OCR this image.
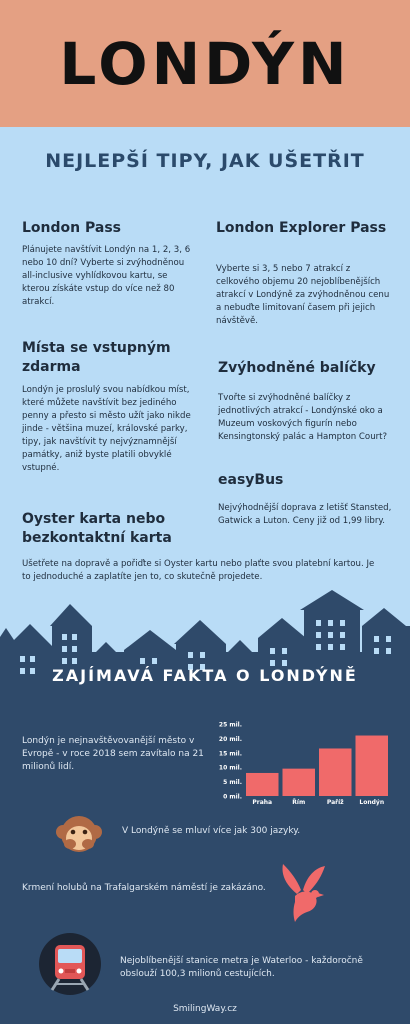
LONDÝN
NEJLEPŠÍ TIPY, JAK UŠETŘIT
London Pass
Plánujete navštívit Londýn na 1, 2, 3, 6 nebo 10 dní? Vyberte si zvýhodněnou all-inclusive vyhlídkovou kartu, se kterou získáte vstup do více než 80 atrakcí.
London Explorer Pass
Vyberte si 3, 5 nebo 7 atrakcí z celkového objemu 20 nejoblíbenějších atrakcí v Londýně za zvýhodněnou cenu a nebuďte limitovaní časem při jejich návštěvě.
Místa se vstupným zdarma
Londýn je proslulý svou nabídkou míst, které můžete navštívit bez jediného penny a přesto si město užít jako nikde jinde - většina muzeí, královské parky, tipy, jak navštívit ty nejvýznamnější památky, aniž byste platili obvyklé vstupné.
Zvýhodněné balíčky
Tvořte si zvýhodněné balíčky z jednotlivých atrakcí - Londýnské oko a Muzeum voskových figurín nebo Kensingtonský palác a Hampton Court?
easyBus
Nejvýhodnější doprava z letišť Stansted, Gatwick a Luton. Ceny již od 1,99 libry.
Oyster karta nebo bezkontaktní karta
Ušetřete na dopravě a pořiďte si Oyster kartu nebo plaťte svou platební kartou. Je to jednoduché a zaplatíte jen to, co skutečně projedete.
ZAJÍMAVÁ FAKTA O LONDÝNĚ
Londýn je nejnavštěvovanější město v Evropě - v roce 2018 sem zavítalo na 21 milionů lidí.
0 mil.
5 mil.
10 mil.
15 mil.
20 mil.
25 mil.
Praha	Řím	Paříž	Londýn
V Londýně se mluví více jak 300 jazyky.
Krmení holubů na Trafalgarském náměstí je zakázáno.
Nejoblíbenější stanice metra je Waterloo - každoročně obslouží 100,3 milionů cestujících.
SmilingWay.cz
